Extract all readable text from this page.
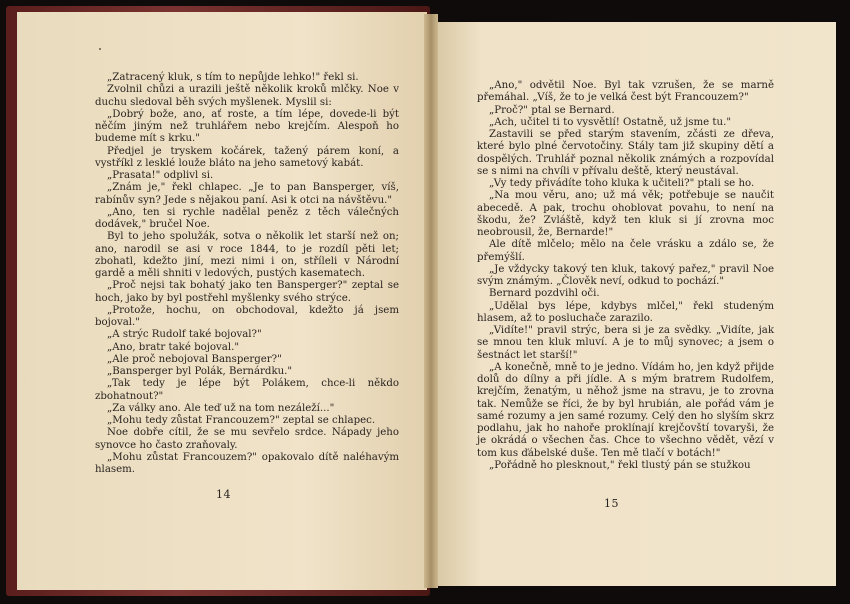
„Zatracený kluk, s tím to nepůjde lehko!" řekl si.

Zvolnil chůzi a urazili ještě několik kroků mlčky. Noe v duchu sledoval běh svých myšlenek. Myslil si:

„Dobrý bože, ano, ať roste, a tím lépe, dovede-li být něčím jiným než truhlářem nebo krejčím. Alespoň ho budeme mít s krku."

Předjel je tryskem kočárek, tažený párem koní, a vystříkl z lesklé louže bláto na jeho sametový kabát.

„Prasata!" odplivl si.

„Znám je," řekl chlapec. „Je to pan Bansperger, víš, rabínův syn? Jede s nějakou paní. Asi k otci na návštěvu."

„Ano, ten si rychle nadělal peněz z těch válečných dodávek," bručel Noe.

Byl to jeho spolužák, sotva o několik let starší než on; ano, narodil se asi v roce 1844, to je rozdíl pěti let; zbohatl, kdežto jiní, mezi nimi i on, stříleli v Národní gardě a měli shniti v ledových, pustých kasematech.

„Proč nejsi tak bohatý jako ten Bansperger?" zeptal se hoch, jako by byl postřehl myšlenky svého strýce.

„Protože, hochu, on obchodoval, kdežto já jsem bojoval."

„A strýc Rudolf také bojoval?"

„Ano, bratr také bojoval."

„Ale proč nebojoval Bansperger?"

„Bansperger byl Polák, Bernárdku."

„Tak tedy je lépe být Polákem, chce-li někdo zbohatnout?"

„Za války ano. Ale teď už na tom nezáleží..."

„Mohu tedy zůstat Francouzem?" zeptal se chlapec.

Noe dobře cítil, že se mu sevřelo srdce. Nápady jeho synovce ho často zraňovaly.

„Mohu zůstat Francouzem?" opakovalo dítě naléhavým hlasem.

14

„Ano," odvětil Noe. Byl tak vzrušen, že se marně přemáhal. „Víš, že to je velká čest být Francouzem?"

„Proč?" ptal se Bernard.

„Ach, učitel ti to vysvětlí! Ostatně, už jsme tu."

Zastavili se před starým stavením, zčásti ze dřeva, které bylo plné červotočiny. Stály tam již skupiny dětí a dospělých. Truhlář poznal několik známých a rozpovídal se s nimi na chvíli v přívalu deště, který neustával.

„Vy tedy přivádíte toho kluka k učiteli?" ptali se ho.

„Na mou věru, ano; už má věk; potřebuje se naučit abecedě. A pak, trochu ohoblovat povahu, to není na škodu, že? Zvláště, když ten kluk si jí zrovna moc neobrousil, že, Bernarde!"

Ale dítě mlčelo; mělo na čele vrásku a zdálo se, že přemýšlí.

„Je vždycky takový ten kluk, takový pařez," pravil Noe svým známým. „Člověk neví, odkud to pochází."

Bernard pozdvihl oči.

„Udělal bys lépe, kdybys mlčel," řekl studeným hlasem, až to posluchače zarazilo.

„Vidíte!" pravil strýc, bera si je za svědky. „Vidíte, jak se mnou ten kluk mluví. A je to můj synovec; a jsem o šestnáct let starší!"

„A konečně, mně to je jedno. Vídám ho, jen když přijde dolů do dílny a při jídle. A s mým bratrem Rudolfem, krejčím, ženatým, u něhož jsme na stravu, je to zrovna tak. Nemůže se říci, že by byl hrubián, ale pořád vám je samé rozumy a jen samé rozumy. Celý den ho slyším skrz podlahu, jak ho nahoře proklínají krejčovští tovaryši, že je okrádá o všechen čas. Chce to všechno vědět, vězí v tom kus ďábelské duše. Ten mě tlačí v botách!"

„Pořádně ho plesknout," řekl tlustý pán se stužkou

15
